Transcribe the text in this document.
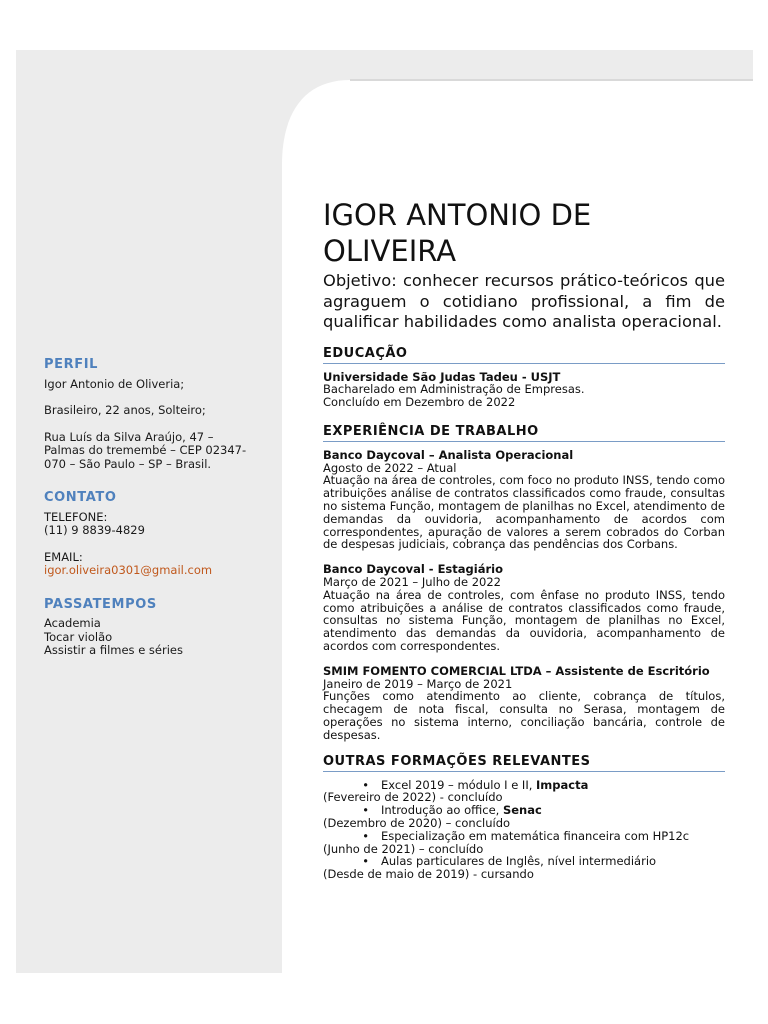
PERFIL
Igor Antonio de Oliveria;
Brasileiro, 22 anos, Solteiro;
Rua Luís da Silva Araújo, 47 –
Palmas do tremembé – CEP 02347-
070 – São Paulo – SP – Brasil.
CONTATO
TELEFONE:
(11) 9 8839-4829
EMAIL:
igor.oliveira0301@gmail.com
PASSATEMPOS
Academia
Tocar violão
Assistir a filmes e séries
IGOR ANTONIO DE
OLIVEIRA
Objetivo: conhecer recursos prático-teóricos que agraguem o cotidiano profissional, a fim de qualificar habilidades como analista operacional.
EDUCAÇÃO
Universidade São Judas Tadeu - USJT
Bacharelado em Administração de Empresas.
Concluído em Dezembro de 2022
EXPERIÊNCIA DE TRABALHO
Banco Daycoval – Analista Operacional
Agosto de 2022 – Atual
Atuação na área de controles, com foco no produto INSS, tendo como atribuições análise de contratos classificados como fraude, consultas no sistema Função, montagem de planilhas no Excel, atendimento de demandas da ouvidoria, acompanhamento de acordos com correspondentes, apuração de valores a serem cobrados do Corban de despesas judiciais, cobrança das pendências dos Corbans.
Banco Daycoval - Estagiário
Março de 2021 – Julho de 2022
Atuação na área de controles, com ênfase no produto INSS, tendo como atribuições a análise de contratos classificados como fraude, consultas no sistema Função, montagem de planilhas no Excel, atendimento das demandas da ouvidoria, acompanhamento de acordos com correspondentes.
SMIM FOMENTO COMERCIAL LTDA – Assistente de Escritório
Janeiro de 2019 – Março de 2021
Funções como atendimento ao cliente, cobrança de títulos, checagem de nota fiscal, consulta no Serasa, montagem de operações no sistema interno, conciliação bancária, controle de despesas.
OUTRAS FORMAÇÕES RELEVANTES
• Excel 2019 – módulo I e II, Impacta
(Fevereiro de 2022) - concluído
• Introdução ao office, Senac
(Dezembro de 2020) – concluído
• Especialização em matemática financeira com HP12c
(Junho de 2021) – concluído
• Aulas particulares de Inglês, nível intermediário
(Desde de maio de 2019) - cursando
